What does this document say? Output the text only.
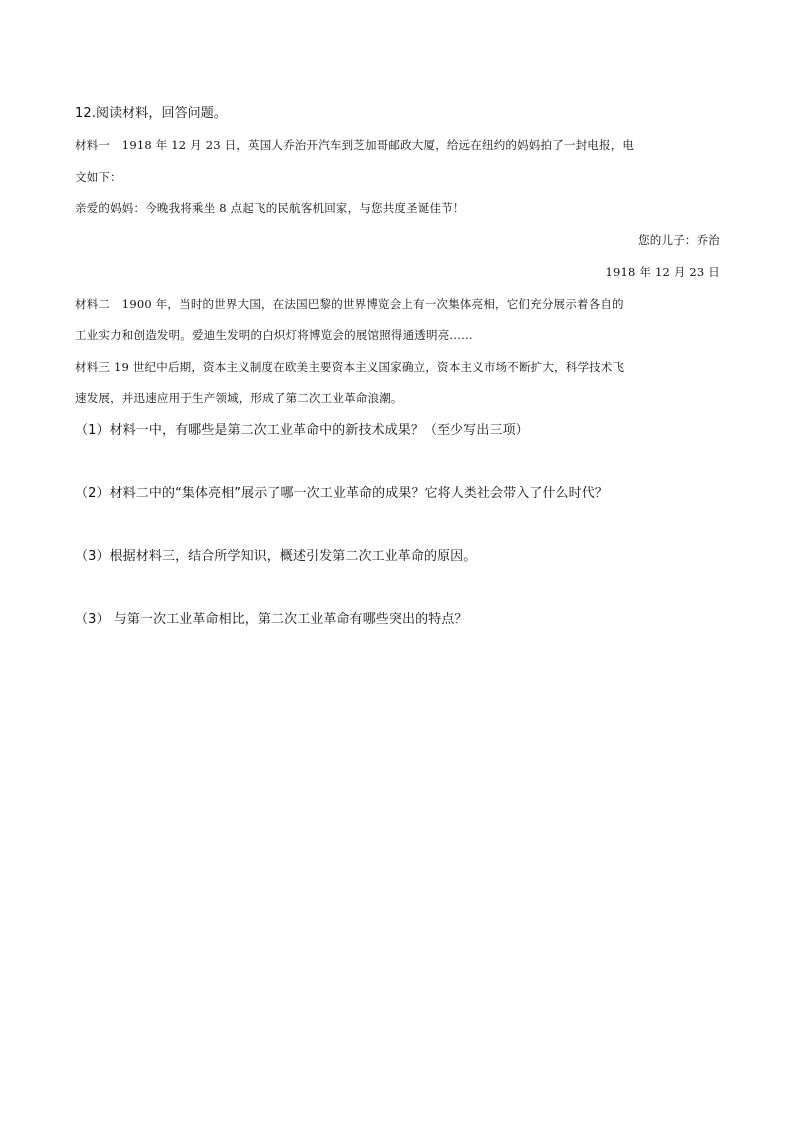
12.阅读材料，回答问题。
材料一　1918 年 12 月 23 日，英国人乔治开汽车到芝加哥邮政大厦，给远在纽约的妈妈拍了一封电报，电
文如下：
亲爱的妈妈：今晚我将乘坐 8 点起飞的民航客机回家，与您共度圣诞佳节！
您的儿子：乔治
1918 年 12 月 23 日
材料二　1900 年，当时的世界大国，在法国巴黎的世界博览会上有一次集体亮相，它们充分展示着各自的
工业实力和创造发明。爱迪生发明的白炽灯将博览会的展馆照得通透明亮……
材料三 19 世纪中后期，资本主义制度在欧美主要资本主义国家确立，资本主义市场不断扩大，科学技术飞
速发展，并迅速应用于生产领域，形成了第二次工业革命浪潮。
（1）材料一中，有哪些是第二次工业革命中的新技术成果？（至少写出三项）
（2）材料二中的“集体亮相”展示了哪一次工业革命的成果？它将人类社会带入了什么时代？
（3）根据材料三，结合所学知识，概述引发第二次工业革命的原因。
（3） 与第一次工业革命相比，第二次工业革命有哪些突出的特点？
